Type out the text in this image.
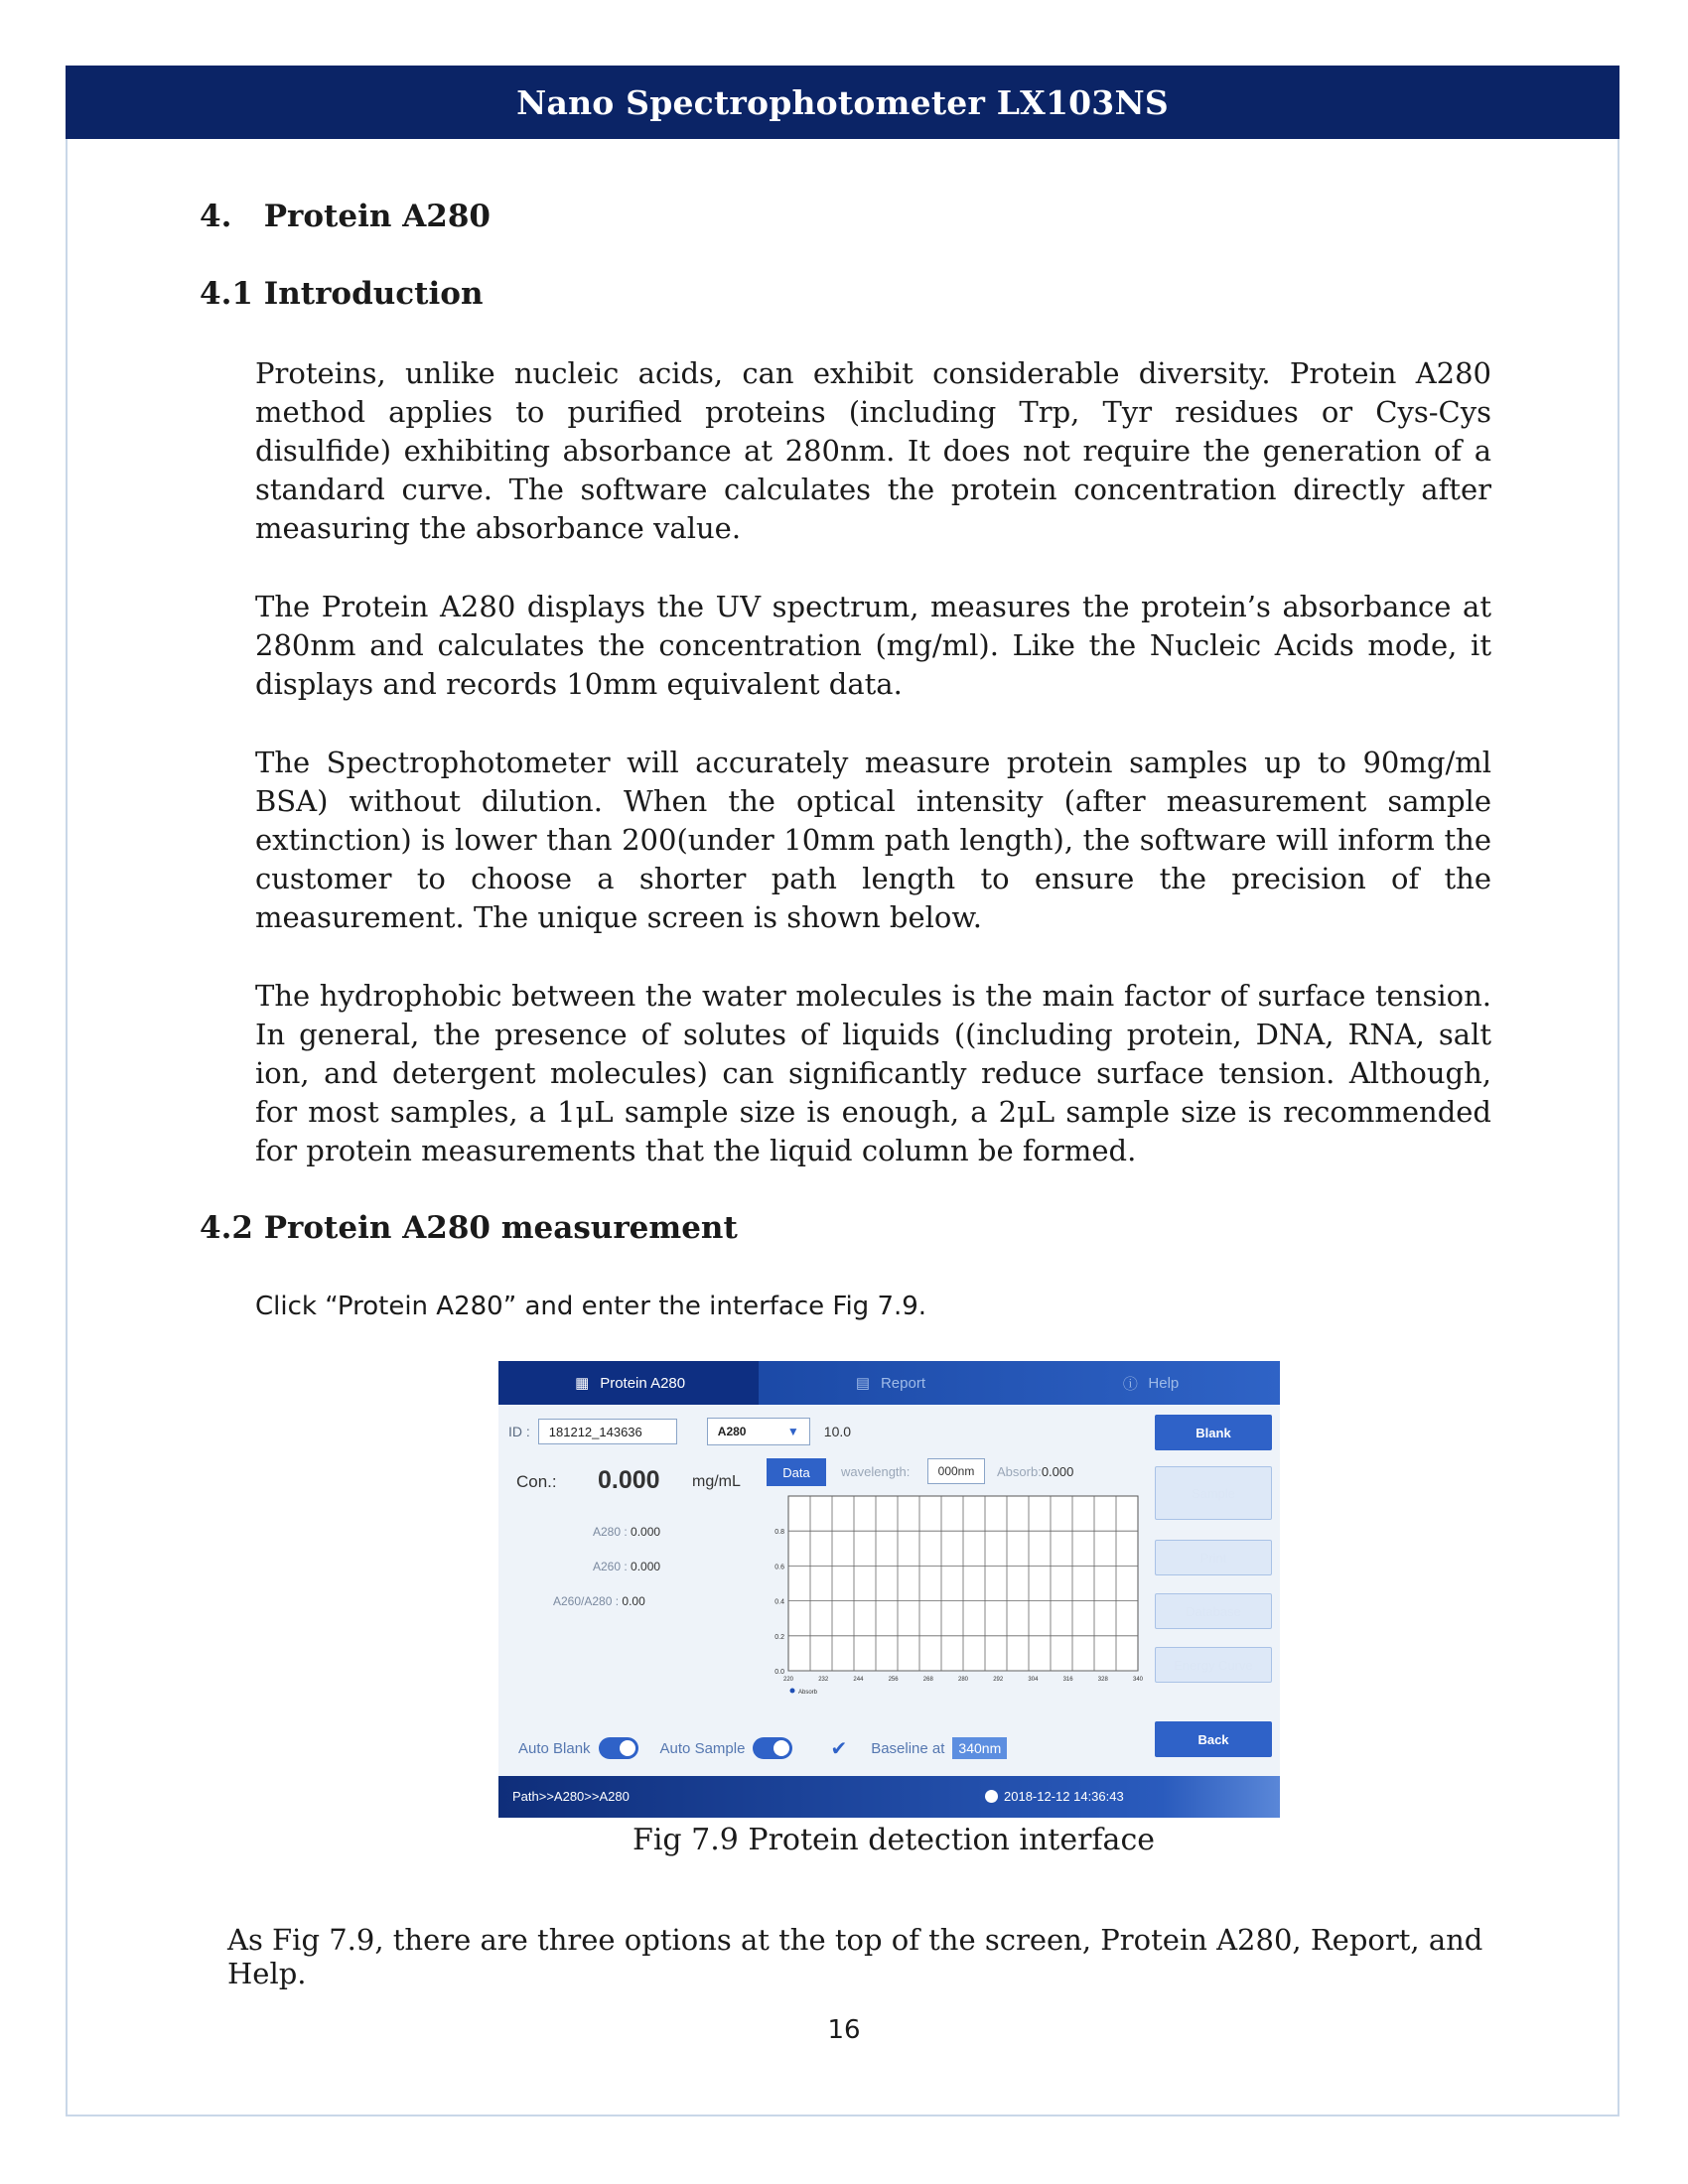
Nano Spectrophotometer LX103NS
4.   Protein A280
4.1 Introduction

Proteins, unlike nucleic acids, can exhibit considerable diversity. Protein A280 method applies to purified proteins (including Trp, Tyr residues or Cys-Cys disulfide) exhibiting absorbance at 280nm. It does not require the generation of a standard curve. The software calculates the protein concentration directly after measuring the absorbance value.

The Protein A280 displays the UV spectrum, measures the protein’s absorbance at 280nm and calculates the concentration (mg/ml). Like the Nucleic Acids mode, it displays and records 10mm equivalent data.

The Spectrophotometer will accurately measure protein samples up to 90mg/ml BSA) without dilution. When the optical intensity (after measurement sample extinction) is lower than 200(under 10mm path length), the software will inform the customer to choose a shorter path length to ensure the precision of the measurement. The unique screen is shown below.

The hydrophobic between the water molecules is the main factor of surface tension. In general, the presence of solutes of liquids ((including protein, DNA, RNA, salt ion, and detergent molecules) can significantly reduce surface tension. Although, for most samples, a 1μL sample size is enough, a 2μL sample size is recommended for protein measurements that the liquid column be formed.

4.2 Protein A280 measurement
Click “Protein A280” and enter the interface Fig 7.9.
▦ Protein A280	▤ Report	ⓘ Help
ID :	181212_143636	A280	▼ 10.0	Blank
Sample
Print
Database
Energy Curve
Back
Con.: 0.000 mg/mL
A280 : 0.000
A260 : 0.000
A260/A280 : 0.00
Data	wavelength:	000nm	Absorb:0.000
0.0
0.2
0.4
0.6
0.8
220	232	244	256	268	280	292	304	316	328	340
Absorb
Auto Blank	Auto Sample	✔ Baseline at	340nm
Path>>A280>>A280	2018-12-12 14:36:43
Fig 7.9 Protein detection interface
As Fig 7.9, there are three options at the top of the screen, Protein A280, Report, and Help.
16
